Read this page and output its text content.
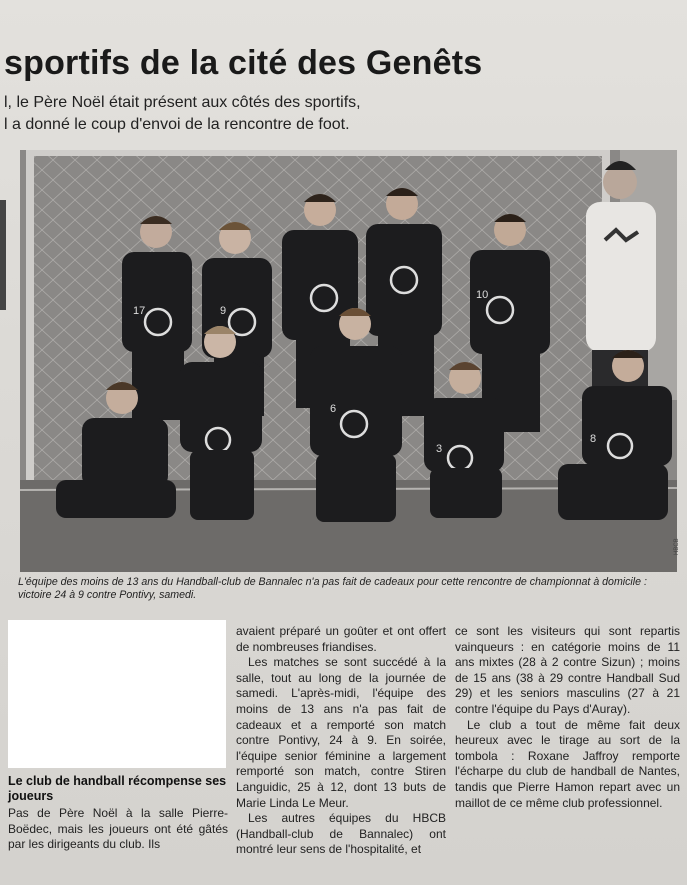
sportifs de la cité des Genêts

l, le Père Noël était présent aux côtés des sportifs,

l a donné le coup d'envoi de la rencontre de foot.

17	9
10
6
3
8
HBCB

L'équipe des moins de 13 ans du Handball-club de Bannalec n'a pas fait de cadeaux pour cette rencontre de championnat à domicile : victoire 24 à 9 contre Pontivy, samedi.

Le club de handball récompense ses joueurs

Pas de Père Noël à la salle Pierre-Boëdec, mais les joueurs ont été gâtés par les dirigeants du club. Ils

avaient préparé un goûter et ont offert de nombreuses friandises.

Les matches se sont succédé à la salle, tout au long de la journée de samedi. L'après-midi, l'équipe des moins de 13 ans n'a pas fait de cadeaux et a remporté son match contre Pontivy, 24 à 9. En soirée, l'équipe senior féminine a largement remporté son match, contre Stiren Languidic, 25 à 12, dont 13 buts de Marie Linda Le Meur.

Les autres équipes du HBCB (Handball-club de Bannalec) ont montré leur sens de l'hospitalité, et

ce sont les visiteurs qui sont repartis vainqueurs : en catégorie moins de 11 ans mixtes (28 à 2 contre Sizun) ; moins de 15 ans (38 à 29 contre Handball Sud 29) et les seniors masculins (27 à 21 contre l'équipe du Pays d'Auray).

Le club a tout de même fait deux heureux avec le tirage au sort de la tombola : Roxane Jaffroy remporte l'écharpe du club de handball de Nantes, tandis que Pierre Hamon repart avec un maillot de ce même club professionnel.
